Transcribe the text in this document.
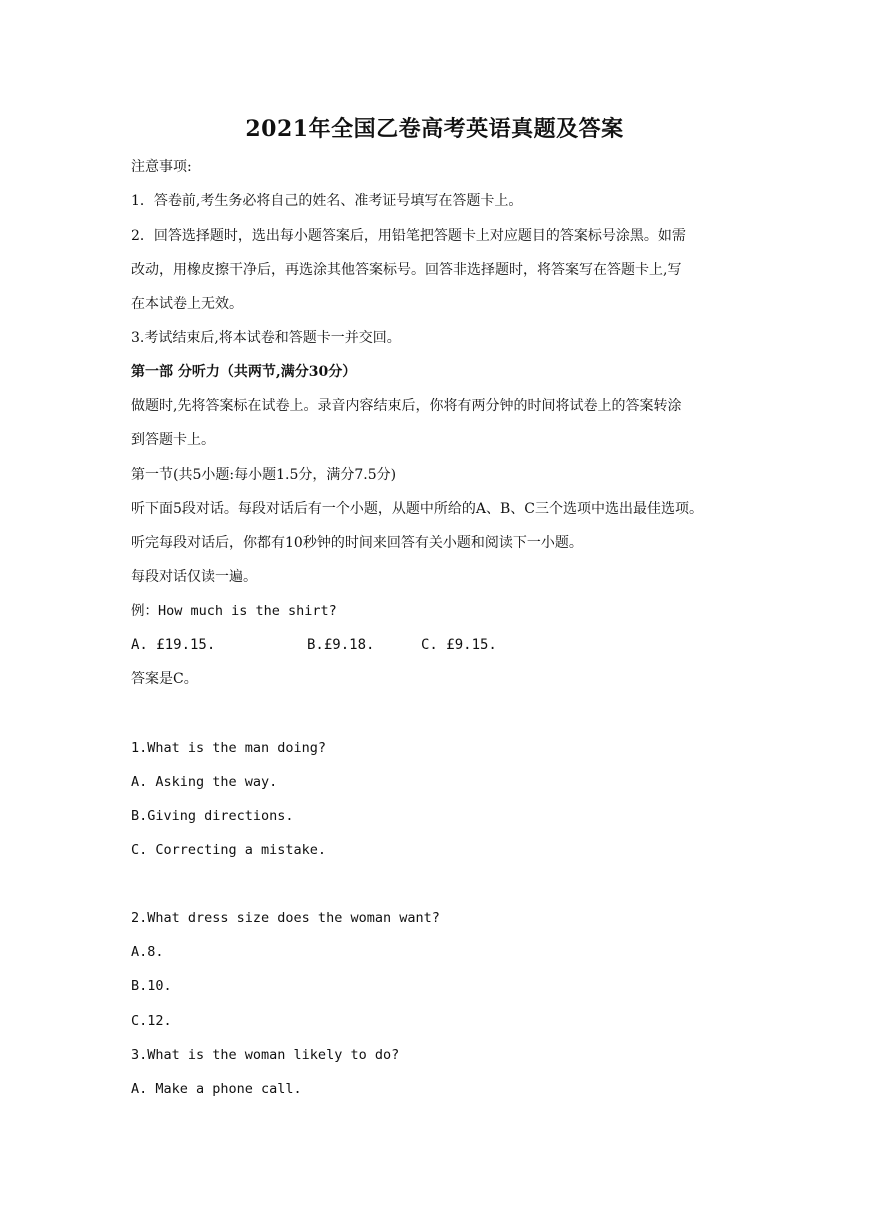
2021年全国乙卷高考英语真题及答案
注意事项:
1．答卷前,考生务必将自己的姓名、准考证号填写在答题卡上。
2．回答选择题时，选出每小题答案后，用铅笔把答题卡上对应题目的答案标号涂黑。如需
改动，用橡皮擦干净后，再选涂其他答案标号。回答非选择题时，将答案写在答题卡上,写
在本试卷上无效。
3.考试结束后,将本试卷和答题卡一并交回。
第一部 分听力（共两节,满分30分）
做题时,先将答案标在试卷上。录音内容结束后，你将有两分钟的时间将试卷上的答案转涂
到答题卡上。
第一节(共5小题:每小题1.5分，满分7.5分)
听下面5段对话。每段对话后有一个小题，从题中所给的A、B、C三个选项中选出最佳选项。
听完每段对话后，你都有10秒钟的时间来回答有关小题和阅读下一小题。
每段对话仅读一遍。
例：How much is the shirt?
A. £19.15.	B.£9.18.	C. £9.15.
答案是C。
1.What is the man doing?
A. Asking the way.
B.Giving directions.
C. Correcting a mistake.
2.What dress size does the woman want?
A.8.
B.10.
C.12.
3.What is the woman likely to do?
A. Make a phone call.
